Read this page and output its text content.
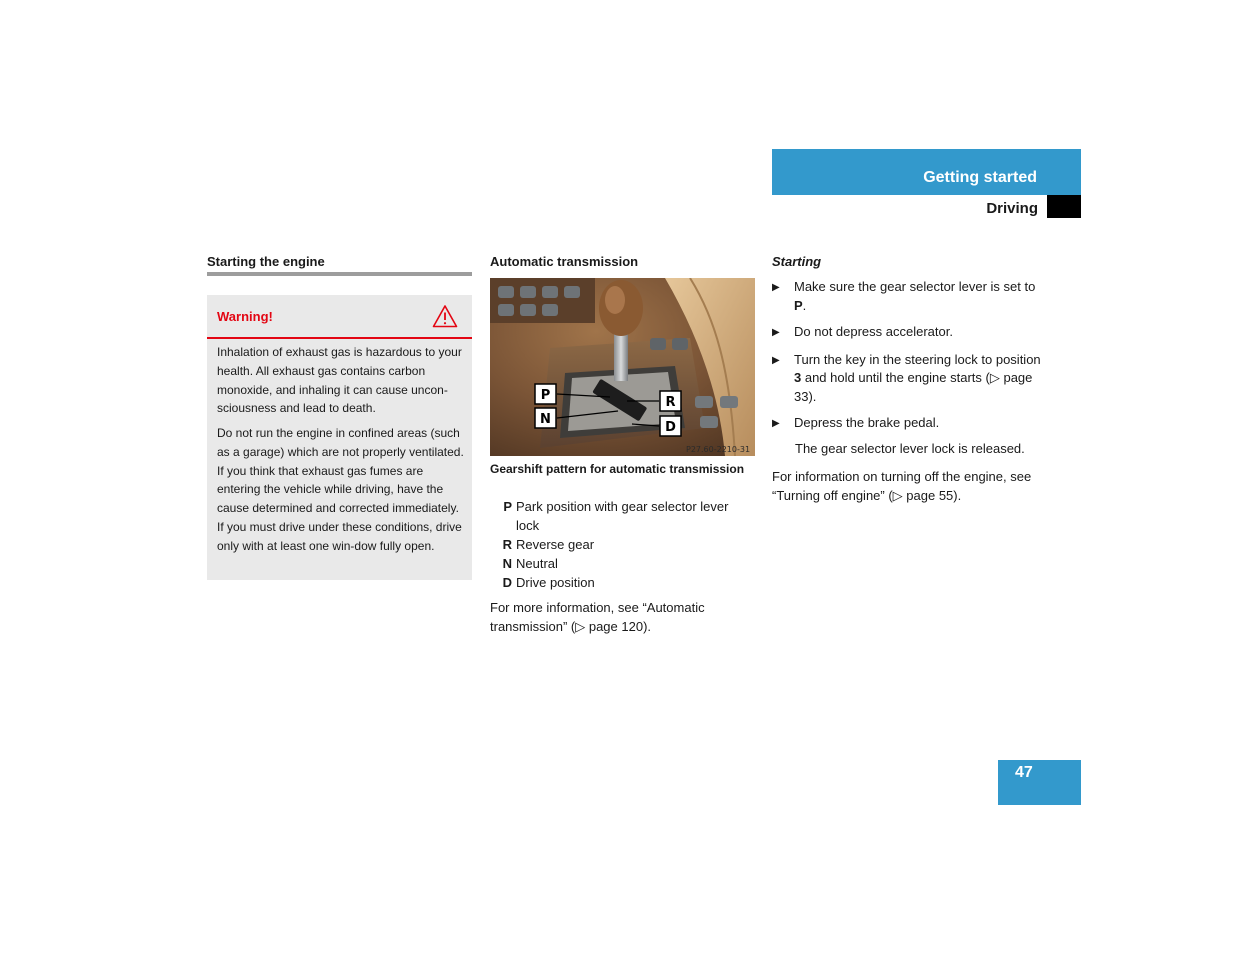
Getting started
Driving
Starting the engine
Warning!
Inhalation of exhaust gas is hazardous to your health. All exhaust gas contains carbon monoxide, and inhaling it can cause uncon-sciousness and lead to death.
Do not run the engine in confined areas (such as a garage) which are not properly ventilated. If you think that exhaust gas fumes are entering the vehicle while driving, have the cause determined and corrected immediately. If you must drive under these conditions, drive only with at least one win-dow fully open.
Automatic transmission
P
N
R
D
P27.60-2210-31
Gearshift pattern for automatic transmission
P Park position with gear selector lever lock
R Reverse gear
N Neutral
D Drive position
For more information, see “Automatic transmission” (▷ page 120).
Starting
▶	Make sure the gear selector lever is set to P.
▶	Do not depress accelerator.
▶	Turn the key in the steering lock to position 3 and hold until the engine starts (▷ page 33).
▶	Depress the brake pedal.
The gear selector lever lock is released.
For information on turning off the engine, see “Turning off engine” (▷ page 55).
47
